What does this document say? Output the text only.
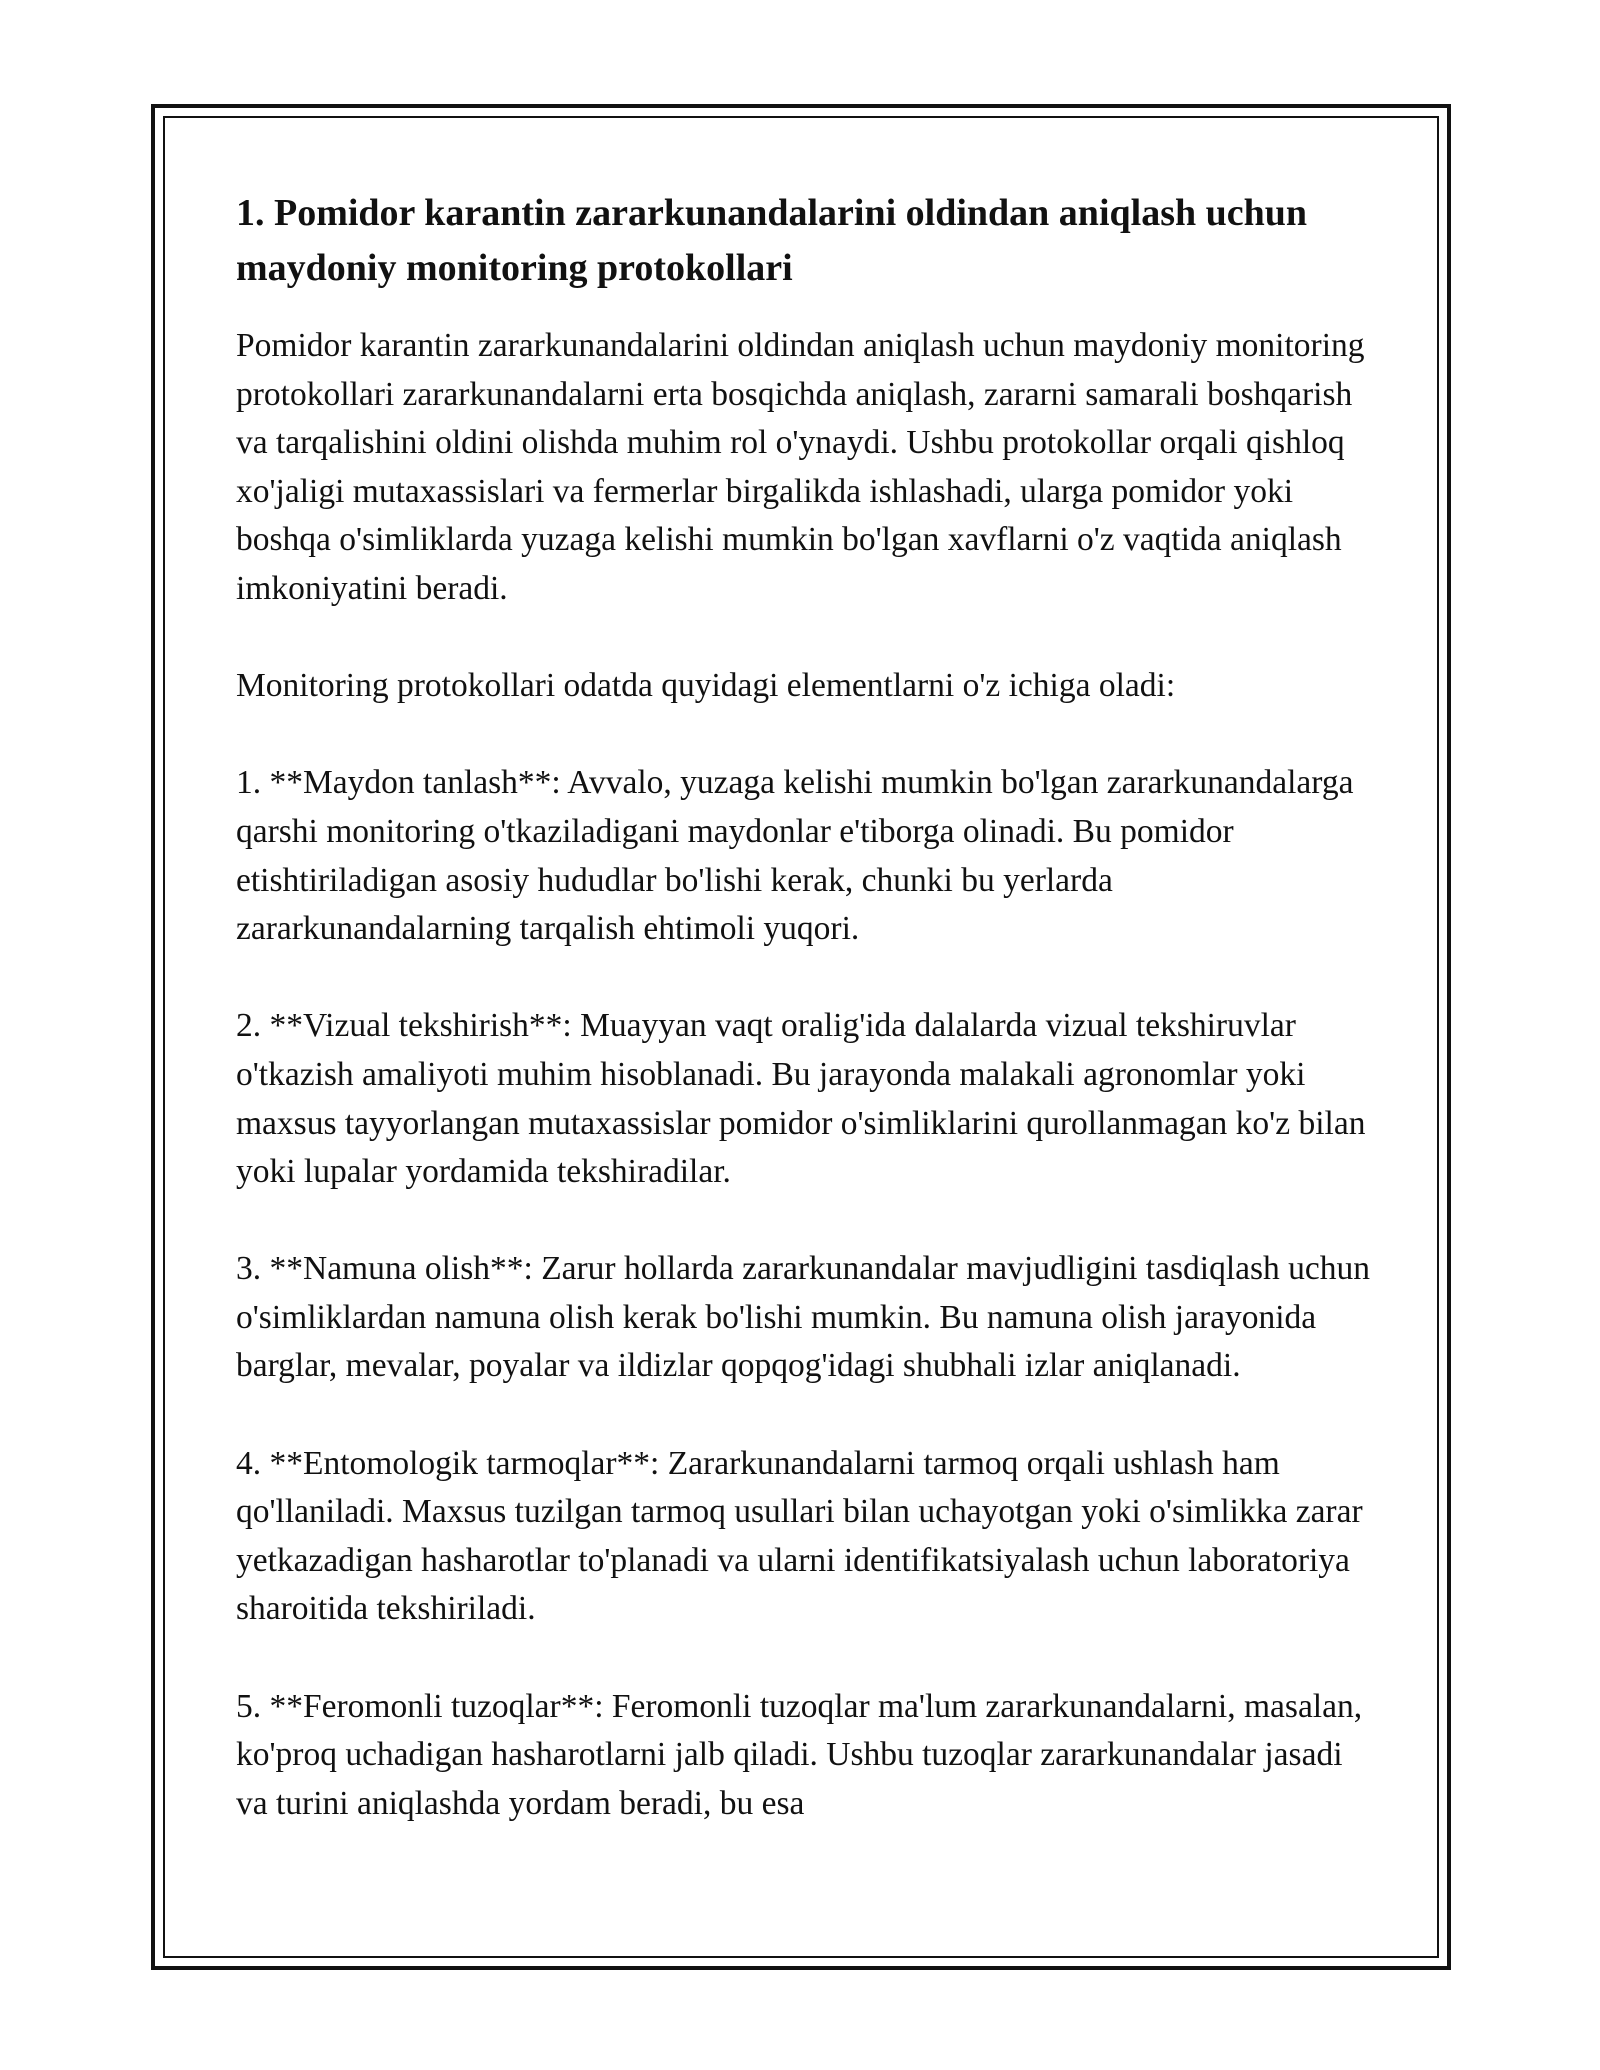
1. Pomidor karantin zararkunandalarini oldindan aniqlash uchun maydoniy monitoring protokollari

Pomidor karantin zararkunandalarini oldindan aniqlash uchun maydoniy monitoring protokollari zararkunandalarni erta bosqichda aniqlash, zararni samarali boshqarish va tarqalishini oldini olishda muhim rol o'ynaydi. Ushbu protokollar orqali qishloq xo'jaligi mutaxassislari va fermerlar birgalikda ishlashadi, ularga pomidor yoki boshqa o'simliklarda yuzaga kelishi mumkin bo'lgan xavflarni o'z vaqtida aniqlash imkoniyatini beradi.

Monitoring protokollari odatda quyidagi elementlarni o'z ichiga oladi:

1. **Maydon tanlash**: Avvalo, yuzaga kelishi mumkin bo'lgan zararkunandalarga qarshi monitoring o'tkaziladigani maydonlar e'tiborga olinadi. Bu pomidor etishtiriladigan asosiy hududlar bo'lishi kerak, chunki bu yerlarda zararkunandalarning tarqalish ehtimoli yuqori.

2. **Vizual tekshirish**: Muayyan vaqt oralig'ida dalalarda vizual tekshiruvlar o'tkazish amaliyoti muhim hisoblanadi. Bu jarayonda malakali agronomlar yoki maxsus tayyorlangan mutaxassislar pomidor o'simliklarini qurollanmagan ko'z bilan yoki lupalar yordamida tekshiradilar.

3. **Namuna olish**: Zarur hollarda zararkunandalar mavjudligini tasdiqlash uchun o'simliklardan namuna olish kerak bo'lishi mumkin. Bu namuna olish jarayonida barglar, mevalar, poyalar va ildizlar qopqog'idagi shubhali izlar aniqlanadi.

4. **Entomologik tarmoqlar**: Zararkunandalarni tarmoq orqali ushlash ham qo'llaniladi. Maxsus tuzilgan tarmoq usullari bilan uchayotgan yoki o'simlikka zarar yetkazadigan hasharotlar to'planadi va ularni identifikatsiyalash uchun laboratoriya sharoitida tekshiriladi.

5. **Feromonli tuzoqlar**: Feromonli tuzoqlar ma'lum zararkunandalarni, masalan, ko'proq uchadigan hasharotlarni jalb qiladi. Ushbu tuzoqlar zararkunandalar jasadi va turini aniqlashda yordam beradi, bu esa
